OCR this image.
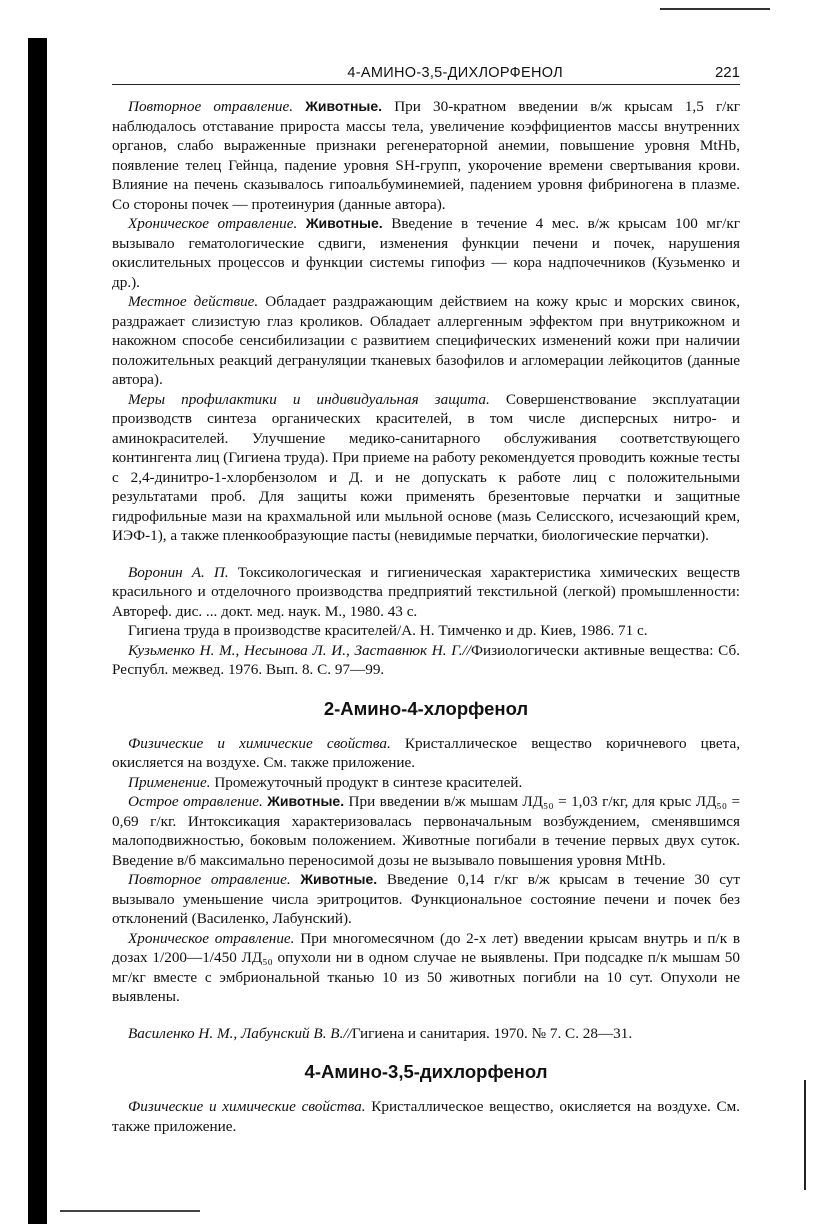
4-АМИНО-3,5-ДИХЛОРФЕНОЛ	221

Повторное отравление. Животные. При 30-кратном введении в/ж крысам 1,5 г/кг наблюдалось отставание прироста массы тела, увеличение коэффициентов массы внутренних органов, слабо выраженные признаки регенераторной анемии, повышение уровня MtHb, появление телец Гейнца, падение уровня SH-групп, укорочение времени свертывания крови. Влияние на печень сказывалось гипоальбуминемией, падением уровня фибриногена в плазме. Со стороны почек — протеинурия (данные автора).

Хроническое отравление. Животные. Введение в течение 4 мес. в/ж крысам 100 мг/кг вызывало гематологические сдвиги, изменения функции печени и почек, нарушения окислительных процессов и функции системы гипофиз — кора надпочечников (Кузьменко и др.).

Местное действие. Обладает раздражающим действием на кожу крыс и морских свинок, раздражает слизистую глаз кроликов. Обладает аллергенным эффектом при внутрикожном и накожном способе сенсибилизации с развитием специфических изменений кожи при наличии положительных реакций дегрануляции тканевых базофилов и агломерации лейкоцитов (данные автора).

Меры профилактики и индивидуальная защита. Совершенствование эксплуатации производств синтеза органических красителей, в том числе дисперсных нитро- и аминокрасителей. Улучшение медико-санитарного обслуживания соответствующего контингента лиц (Гигиена труда). При приеме на работу рекомендуется проводить кожные тесты с 2,4-динитро-1-хлорбензолом и Д. и не допускать к работе лиц с положительными результатами проб. Для защиты кожи применять брезентовые перчатки и защитные гидрофильные мази на крахмальной или мыльной основе (мазь Селисского, исчезающий крем, ИЭФ-1), а также пленкообразующие пасты (невидимые перчатки, биологические перчатки).

Воронин А. П. Токсикологическая и гигиеническая характеристика химических веществ красильного и отделочного производства предприятий текстильной (легкой) промышленности: Автореф. дис. ... докт. мед. наук. М., 1980. 43 с.

Гигиена труда в производстве красителей/А. Н. Тимченко и др. Киев, 1986. 71 с.

Кузьменко Н. М., Несынова Л. И., Заставнюк Н. Г.//Физиологически активные вещества: Сб. Республ. межвед. 1976. Вып. 8. С. 97—99.

2-Амино-4-хлорфенол

Физические и химические свойства. Кристаллическое вещество коричневого цвета, окисляется на воздухе. См. также приложение.

Применение. Промежуточный продукт в синтезе красителей.

Острое отравление. Животные. При введении в/ж мышам ЛД₅₀ = 1,03 г/кг, для крыс ЛД₅₀ = 0,69 г/кг. Интоксикация характеризовалась первоначальным возбуждением, сменявшимся малоподвижностью, боковым положением. Животные погибали в течение первых двух суток. Введение в/б максимально переносимой дозы не вызывало повышения уровня MtHb.

Повторное отравление. Животные. Введение 0,14 г/кг в/ж крысам в течение 30 сут вызывало уменьшение числа эритроцитов. Функциональное состояние печени и почек без отклонений (Василенко, Лабунский).

Хроническое отравление. При многомесячном (до 2-х лет) введении крысам внутрь и п/к в дозах 1/200—1/450 ЛД₅₀ опухоли ни в одном случае не выявлены. При подсадке п/к мышам 50 мг/кг вместе с эмбриональной тканью 10 из 50 животных погибли на 10 сут. Опухоли не выявлены.

Василенко Н. М., Лабунский В. В.//Гигиена и санитария. 1970. № 7. С. 28—31.

4-Амино-3,5-дихлорфенол

Физические и химические свойства. Кристаллическое вещество, окисляется на воздухе. См. также приложение.
